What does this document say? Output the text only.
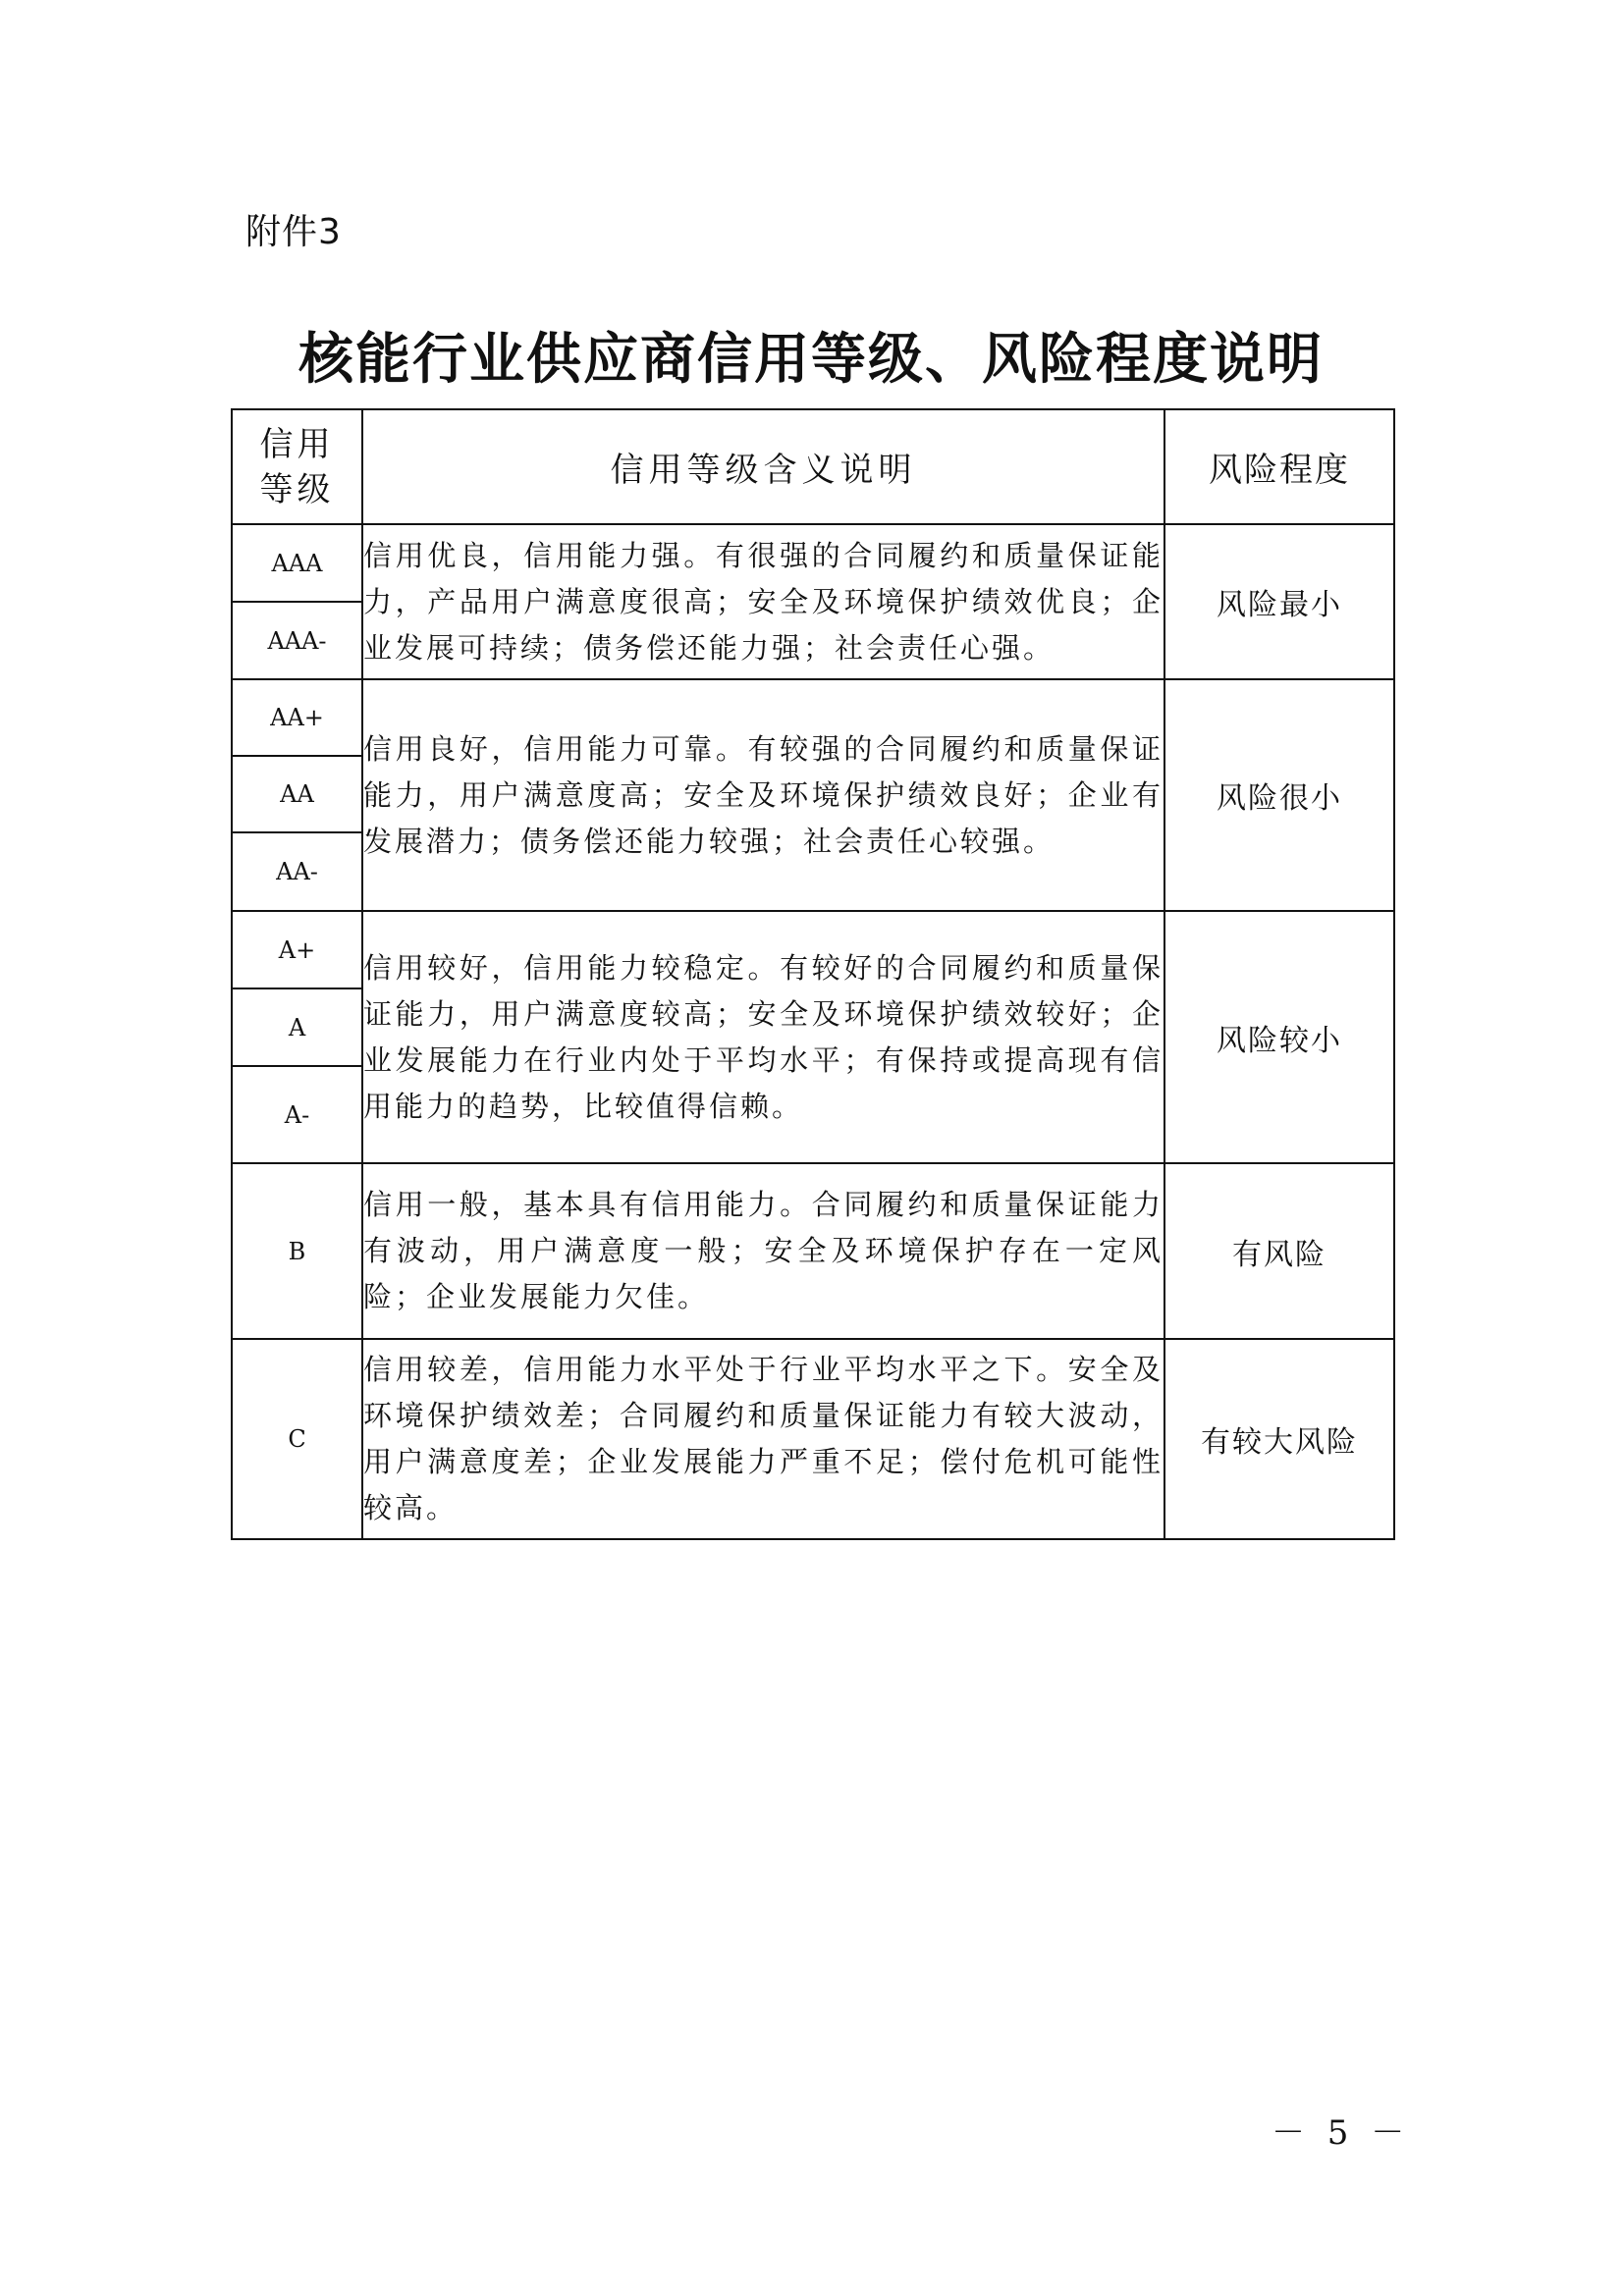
附件3
核能行业供应商信用等级、风险程度说明
信用
等级	信用等级含义说明	风险程度
AAA	信用优良，信用能力强。有很强的合同履约和质量保证能力，产品用户满意度很高；安全及环境保护绩效优良；企业发展可持续；债务偿还能力强；社会责任心强。	风险最小
AAA-		
AA+	信用良好，信用能力可靠。有较强的合同履约和质量保证能力，用户满意度高；安全及环境保护绩效良好；企业有发展潜力；债务偿还能力较强；社会责任心较强。	风险很小
AA		
AA-		
A+	信用较好，信用能力较稳定。有较好的合同履约和质量保证能力，用户满意度较高；安全及环境保护绩效较好；企业发展能力在行业内处于平均水平；有保持或提高现有信用能力的趋势，比较值得信赖。	风险较小
A		
A-		
B	信用一般，基本具有信用能力。合同履约和质量保证能力有波动，用户满意度一般；安全及环境保护存在一定风险；企业发展能力欠佳。	有风险
C	信用较差，信用能力水平处于行业平均水平之下。安全及环境保护绩效差；合同履约和质量保证能力有较大波动，用户满意度差；企业发展能力严重不足；偿付危机可能性较高。	有较大风险
－ 5 －
